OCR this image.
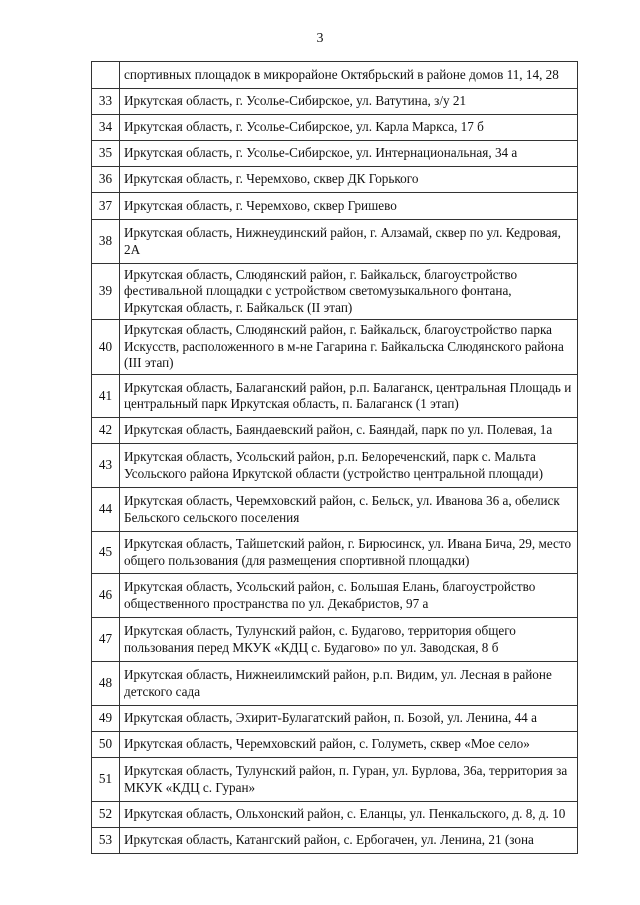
3
	спортивных площадок в микрорайоне Октябрьский в районе домов 11, 14, 28
33	Иркутская область, г. Усолье-Сибирское, ул. Ватутина, з/у 21
34	Иркутская область, г. Усолье-Сибирское, ул. Карла Маркса, 17 б
35	Иркутская область, г. Усолье-Сибирское, ул. Интернациональная, 34 а
36	Иркутская область, г. Черемхово, сквер ДК Горького
37	Иркутская область, г. Черемхово, сквер Гришево
38	Иркутская область, Нижнеудинский район, г. Алзамай, сквер по ул. Кедровая, 2А
39	Иркутская область, Слюдянский район, г. Байкальск, благоустройство фестивальной площадки с устройством светомузыкального фонтана, Иркутская область, г. Байкальск (II этап)
40	Иркутская область, Слюдянский район, г. Байкальск, благоустройство парка Искусств, расположенного в м-не Гагарина г. Байкальска Слюдянского района (III этап)
41	Иркутская область, Балаганский район, р.п. Балаганск, центральная Площадь и центральный парк Иркутская область, п. Балаганск (1 этап)
42	Иркутская область, Баяндаевский район, с. Баяндай, парк по ул. Полевая, 1а
43	Иркутская область, Усольский район, р.п. Белореченский, парк с. Мальта Усольского района Иркутской области (устройство центральной площади)
44	Иркутская область, Черемховский район, с. Бельск, ул. Иванова 36 а, обелиск Бельского сельского поселения
45	Иркутская область, Тайшетский район, г. Бирюсинск, ул. Ивана Бича, 29, место общего пользования (для размещения спортивной площадки)
46	Иркутская область, Усольский район, с. Большая Елань, благоустройство общественного пространства по ул. Декабристов, 97 а
47	Иркутская область, Тулунский район, с. Будагово, территория общего пользования перед МКУК «КДЦ с. Будагово» по ул. Заводская, 8 б
48	Иркутская область, Нижнеилимский район, р.п. Видим, ул. Лесная в районе детского сада
49	Иркутская область, Эхирит-Булагатский район, п. Бозой, ул. Ленина, 44 а
50	Иркутская область, Черемховский район, с. Голуметь, сквер «Мое село»
51	Иркутская область, Тулунский район, п. Гуран, ул. Бурлова, 36а, территория за МКУК «КДЦ с. Гуран»
52	Иркутская область, Ольхонский район, с. Еланцы, ул. Пенкальского, д. 8, д. 10
53	Иркутская область, Катангский район, с. Ербогачен, ул. Ленина, 21 (зона
